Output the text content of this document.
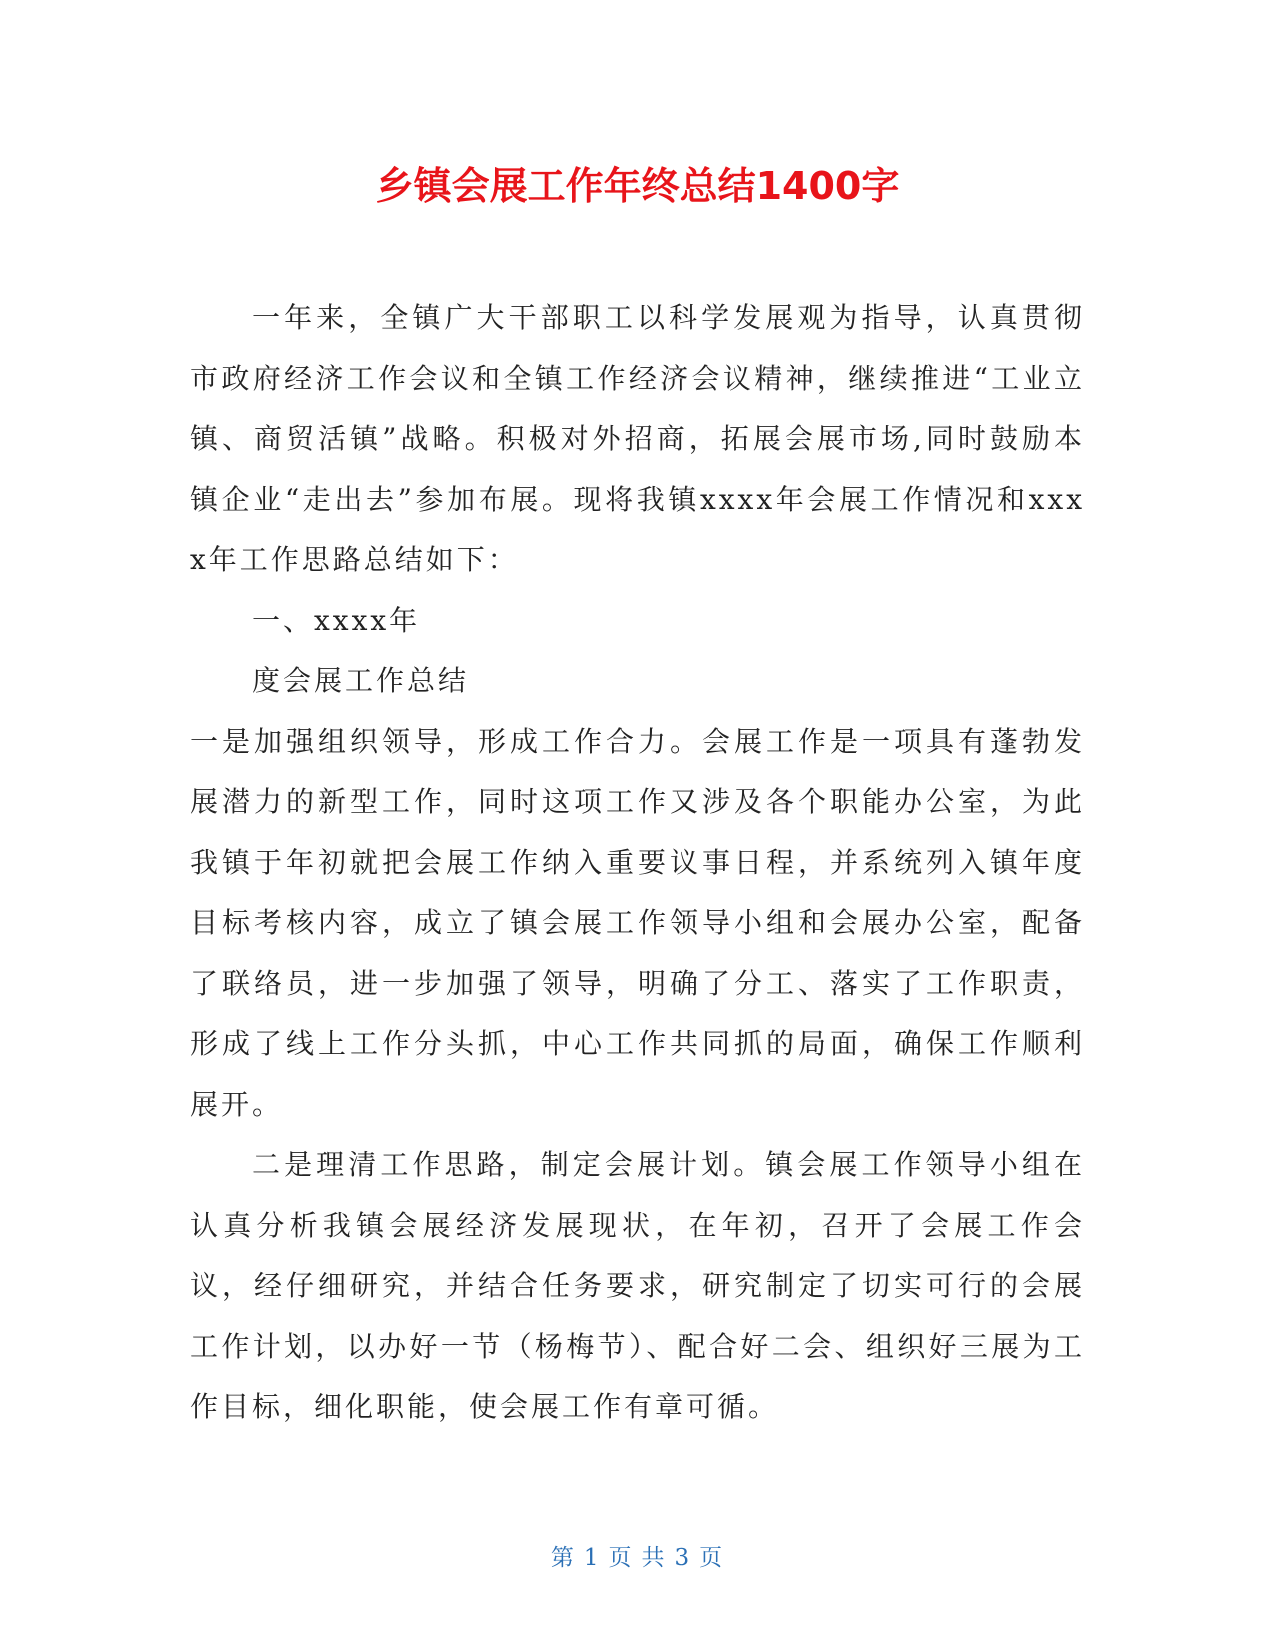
乡镇会展工作年终总结1400字

一年来，全镇广大干部职工以科学发展观为指导，认真贯彻市政府经济工作会议和全镇工作经济会议精神，继续推进“工业立镇、商贸活镇”战略。积极对外招商，拓展会展市场,同时鼓励本镇企业“走出去”参加布展。现将我镇xxxx年会展工作情况和xxxx年工作思路总结如下：

一、xxxx年

度会展工作总结

一是加强组织领导，形成工作合力。会展工作是一项具有蓬勃发展潜力的新型工作，同时这项工作又涉及各个职能办公室，为此我镇于年初就把会展工作纳入重要议事日程，并系统列入镇年度目标考核内容，成立了镇会展工作领导小组和会展办公室，配备了联络员，进一步加强了领导，明确了分工、落实了工作职责，形成了线上工作分头抓，中心工作共同抓的局面，确保工作顺利展开。

二是理清工作思路，制定会展计划。镇会展工作领导小组在认真分析我镇会展经济发展现状，在年初，召开了会展工作会议，经仔细研究，并结合任务要求，研究制定了切实可行的会展工作计划，以办好一节（杨梅节）、配合好二会、组织好三展为工作目标，细化职能，使会展工作有章可循。

第 1 页 共 3 页
